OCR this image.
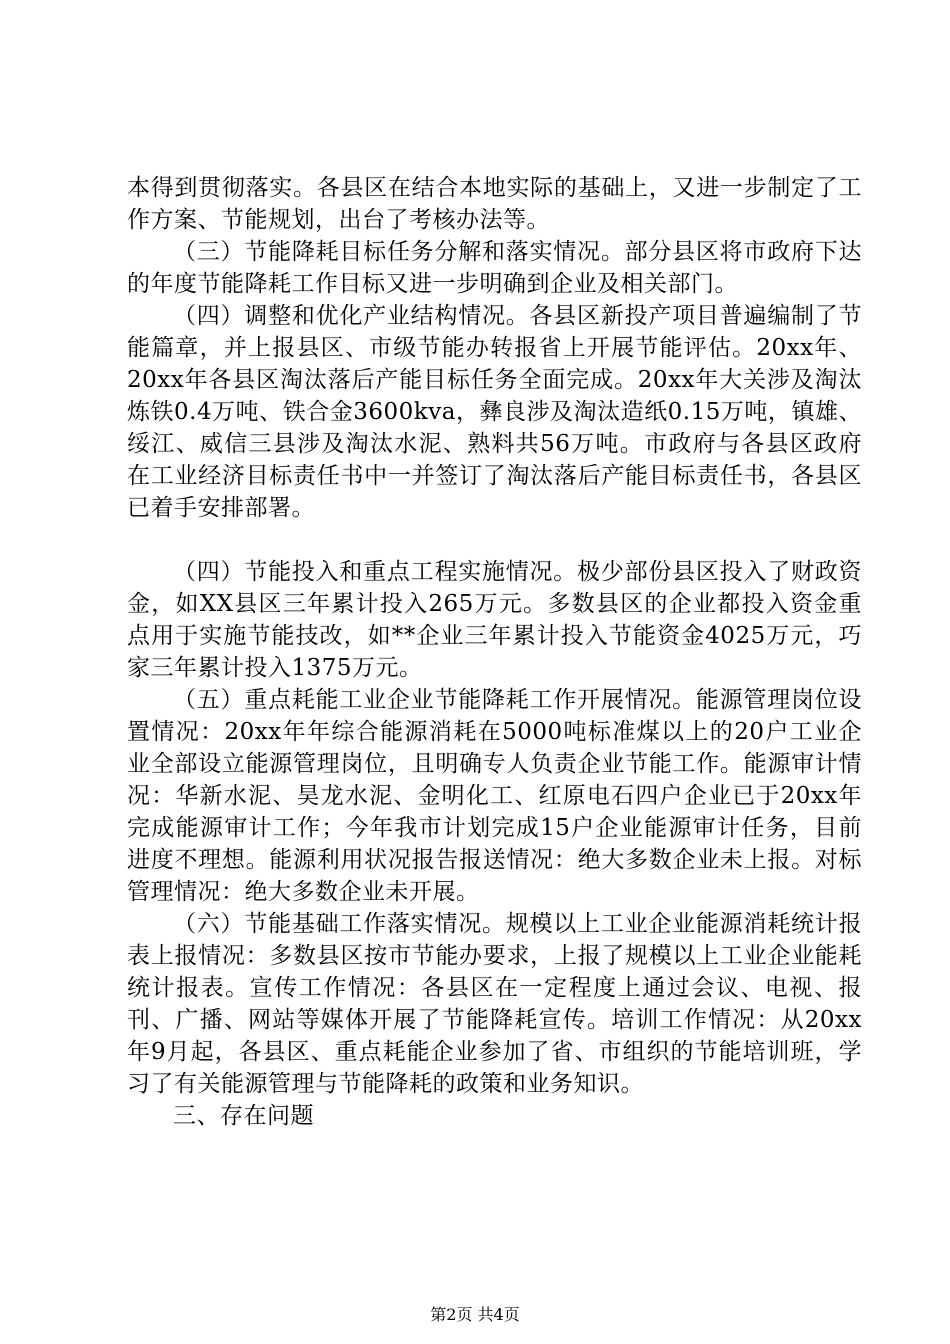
本得到贯彻落实。各县区在结合本地实际的基础上，又进一步制定了工作方案、节能规划，出台了考核办法等。

（三）节能降耗目标任务分解和落实情况。部分县区将市政府下达的年度节能降耗工作目标又进一步明确到企业及相关部门。

（四）调整和优化产业结构情况。各县区新投产项目普遍编制了节能篇章，并上报县区、市级节能办转报省上开展节能评估。20xx年、20xx年各县区淘汰落后产能目标任务全面完成。20xx年大关涉及淘汰炼铁0.4万吨、铁合金3600kva，彝良涉及淘汰造纸0.15万吨，镇雄、绥江、威信三县涉及淘汰水泥、熟料共56万吨。市政府与各县区政府在工业经济目标责任书中一并签订了淘汰落后产能目标责任书，各县区已着手安排部署。

（四）节能投入和重点工程实施情况。极少部份县区投入了财政资金，如XX县区三年累计投入265万元。多数县区的企业都投入资金重点用于实施节能技改，如**企业三年累计投入节能资金4025万元，巧家三年累计投入1375万元。

（五）重点耗能工业企业节能降耗工作开展情况。能源管理岗位设置情况：20xx年年综合能源消耗在5000吨标准煤以上的20户工业企业全部设立能源管理岗位，且明确专人负责企业节能工作。能源审计情况：华新水泥、昊龙水泥、金明化工、红原电石四户企业已于20xx年完成能源审计工作；今年我市计划完成15户企业能源审计任务，目前进度不理想。能源利用状况报告报送情况：绝大多数企业未上报。对标管理情况：绝大多数企业未开展。

（六）节能基础工作落实情况。规模以上工业企业能源消耗统计报表上报情况：多数县区按市节能办要求，上报了规模以上工业企业能耗统计报表。宣传工作情况：各县区在一定程度上通过会议、电视、报刊、广播、网站等媒体开展了节能降耗宣传。培训工作情况：从20xx年9月起，各县区、重点耗能企业参加了省、市组织的节能培训班，学习了有关能源管理与节能降耗的政策和业务知识。

三、存在问题

第2页 共4页
